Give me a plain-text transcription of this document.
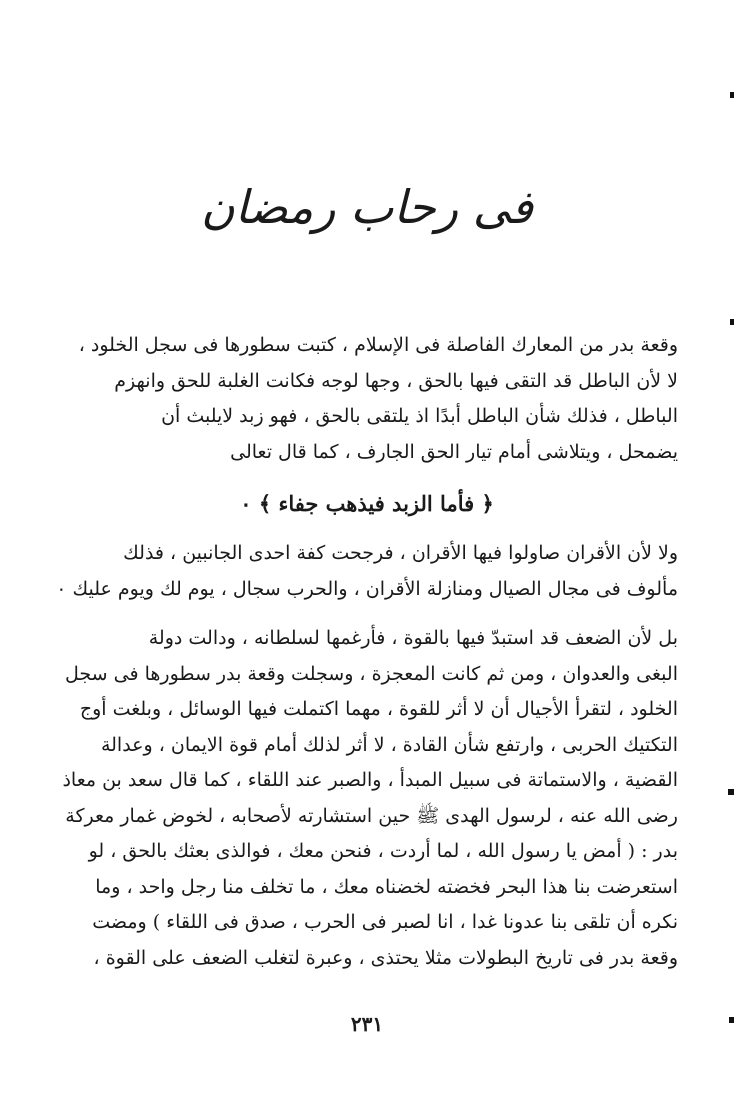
فى رحاب رمضان
وقعة بدر من المعارك الفاصلة فى الإسلام ، كتبت سطورها فى سجل الخلود ،
لا لأن الباطل قد التقى فيها بالحق ، وجها لوجه فكانت الغلبة للحق وانهزم
الباطل ، فذلك شأن الباطل أبدًا اذ يلتقى بالحق ، فهو زبد لايلبث أن
يضمحل ، ويتلاشى أمام تيار الحق الجارف ، كما قال تعالى
﴿ فأما الزبد فيذهب جفاء ﴾ ٠
ولا لأن الأقران صاولوا فيها الأقران ، فرجحت كفة احدى الجانبين ، فذلك
مألوف فى مجال الصيال ومنازلة الأقران ، والحرب سجال ، يوم لك ويوم عليك ٠
بل لأن الضعف قد استبدّ فيها بالقوة ، فأرغمها لسلطانه ، ودالت دولة
البغى والعدوان ، ومن ثم كانت المعجزة ، وسجلت وقعة بدر سطورها فى سجل
الخلود ، لتقرأ الأجيال أن لا أثر للقوة ، مهما اكتملت فيها الوسائل ، وبلغت أوج
التكتيك الحربى ، وارتفع شأن القادة ، لا أثر لذلك أمام قوة الايمان ، وعدالة
القضية ، والاستماتة فى سبيل المبدأ ، والصبر عند اللقاء ، كما قال سعد بن معاذ
رضى الله عنه ، لرسول الهدى ﷺ حين استشارته لأصحابه ، لخوض غمار معركة
بدر : ( أمض يا رسول الله ، لما أردت ، فنحن معك ، فوالذى بعثك بالحق ، لو
استعرضت بنا هذا البحر فخضته لخضناه معك ، ما تخلف منا رجل واحد ، وما
نكره أن تلقى بنا عدونا غدا ، انا لصبر فى الحرب ، صدق فى اللقاء ) ومضت
وقعة بدر فى تاريخ البطولات مثلا يحتذى ، وعبرة لتغلب الضعف على القوة ،
٢٣١
